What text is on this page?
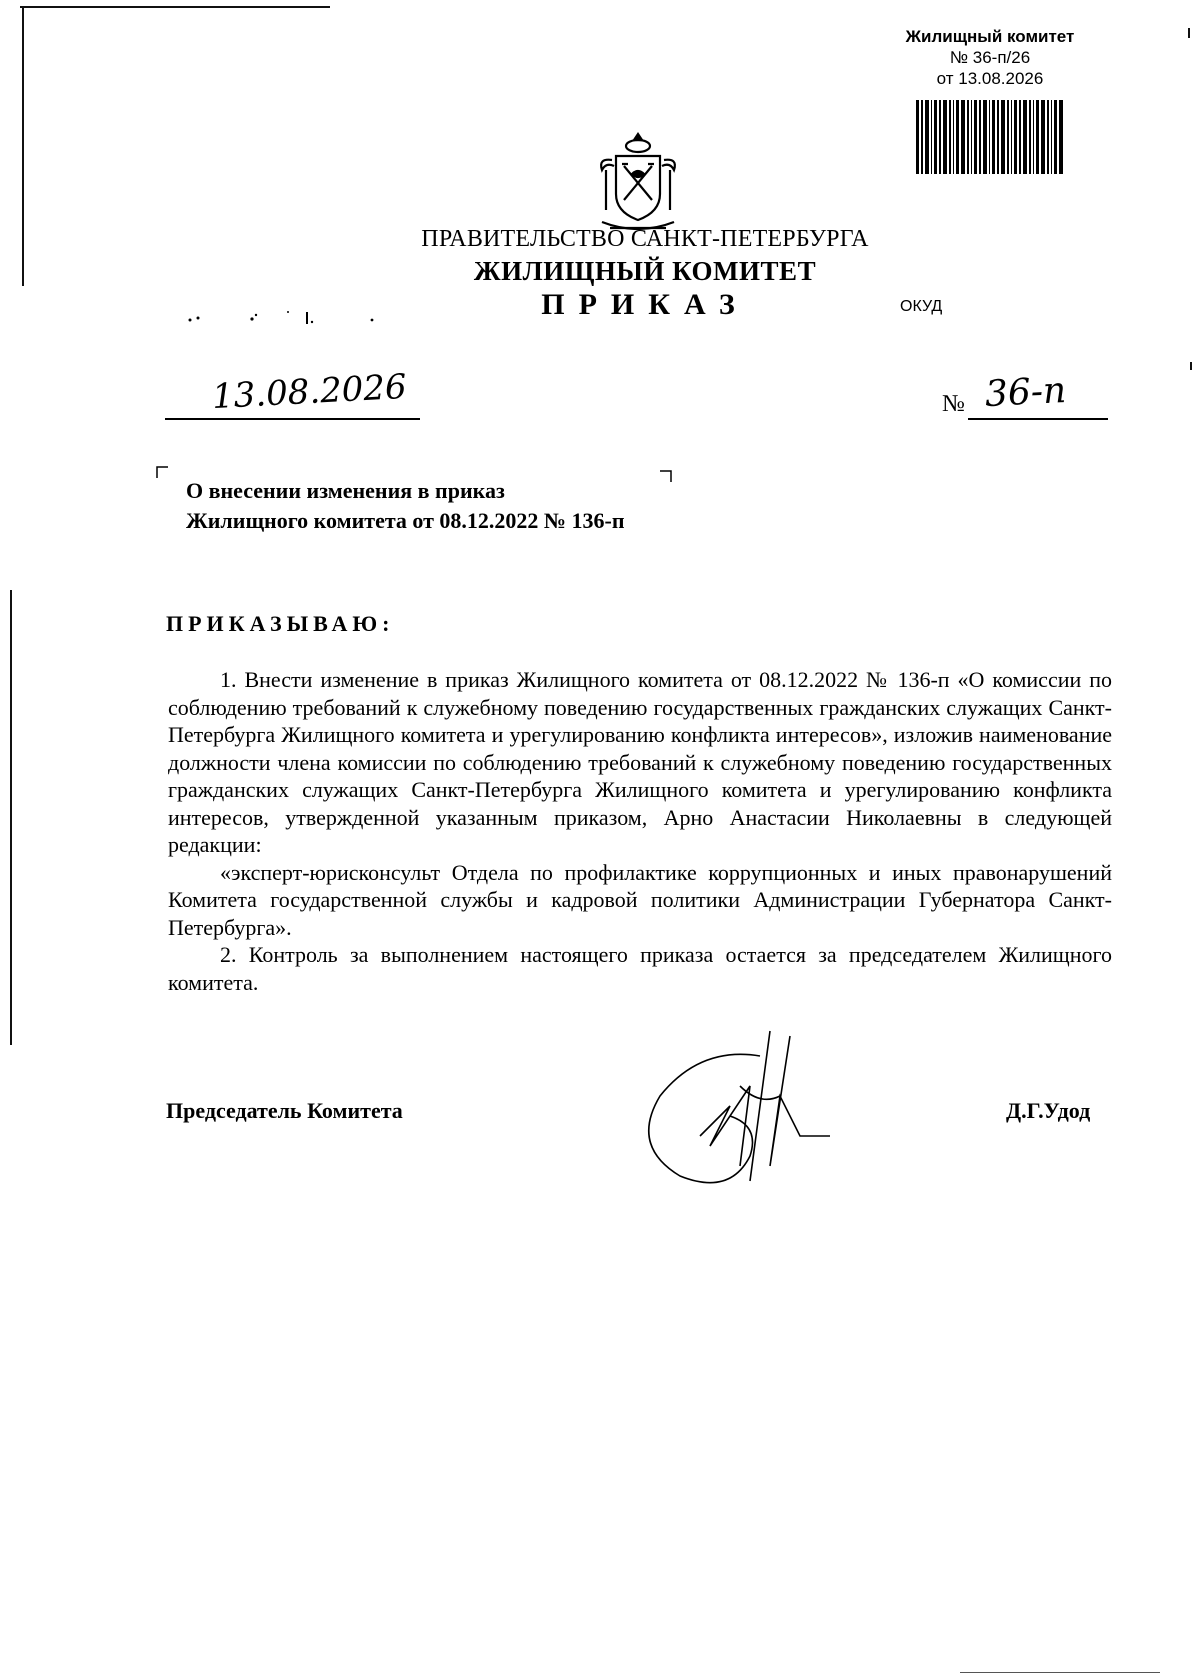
Жилищный комитет
№ 36-п/26
от 13.08.2026
ПРАВИТЕЛЬСТВО САНКТ-ПЕТЕРБУРГА
ЖИЛИЩНЫЙ КОМИТЕТ
ПРИКАЗ	ОКУД
13.08.2026	№ 36-п
О внесении изменения в приказ
Жилищного комитета от 08.12.2022 № 136-п
ПРИКАЗЫВАЮ:

1. Внести изменение в приказ Жилищного комитета от 08.12.2022 № 136-п «О комиссии по соблюдению требований к служебному поведению государственных гражданских служащих Санкт-Петербурга Жилищного комитета и урегулированию конфликта интересов», изложив наименование должности члена комиссии по соблюдению требований к служебному поведению государственных гражданских служащих Санкт-Петербурга Жилищного комитета и урегулированию конфликта интересов, утвержденной указанным приказом, Арно Анастасии Николаевны в следующей редакции:

«эксперт-юрисконсульт Отдела по профилактике коррупционных и иных правонарушений Комитета государственной службы и кадровой политики Администрации Губернатора Санкт-Петербурга».

2. Контроль за выполнением настоящего приказа остается за председателем Жилищного комитета.

Председатель Комитета	Д.Г.Удод
